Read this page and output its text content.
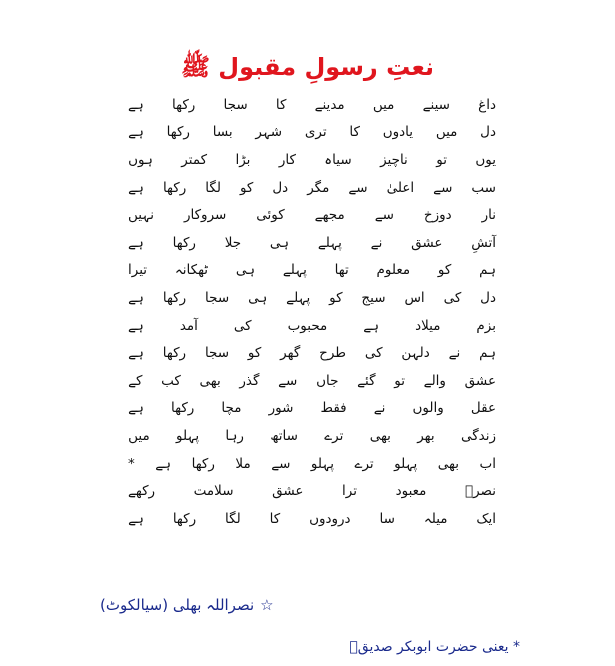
نعتِ رسولِ مقبول ﷺ
داغ
سینے
میں
مدینے
کا
سجا
رکھا
ہے
دل
میں
یادوں
کا
تری
شہر
بسا
رکھا
ہے
یوں
تو
ناچیز
سیاہ
کار
بڑا
کمتر
ہوں
سب
سے
اعلیٰ
سے
مگر
دل
کو
لگا
رکھا
ہے
نار
دوزخ
سے
مجھے
کوئی
سروکار
نہیں
آتشِ
عشق
نے
پہلے
ہی
جلا
رکھا
ہے
ہم
کو
معلوم
تھا
پہلے
ہی
ٹھکانہ
تیرا
دل
کی
اس
سیج
کو
پہلے
ہی
سجا
رکھا
ہے
بزم
میلاد
ہے
محبوب
کی
آمد
ہے
ہم
نے
دلہن
کی
طرح
گھر
کو
سجا
رکھا
ہے
عشق
والے
تو
گئے
جاں
سے
گذر
بھی
کب
کے
عقل
والوں
نے
فقط
شور
مچا
رکھا
ہے
زندگی
بھر
بھی
ترے
ساتھ
رہا
پہلو
میں
اب
بھی
پہلو
ترے
پہلو
سے
ملا
رکھا
ہے
*
نصرؔ
معبود
ترا
عشق
سلامت
رکھے
ایک
میلہ
سا
درودوں
کا
لگا
رکھا
ہے
☆نصراللہ بھلی (سیالکوٹ)
* یعنی حضرت ابوبکر صدیقؓ
